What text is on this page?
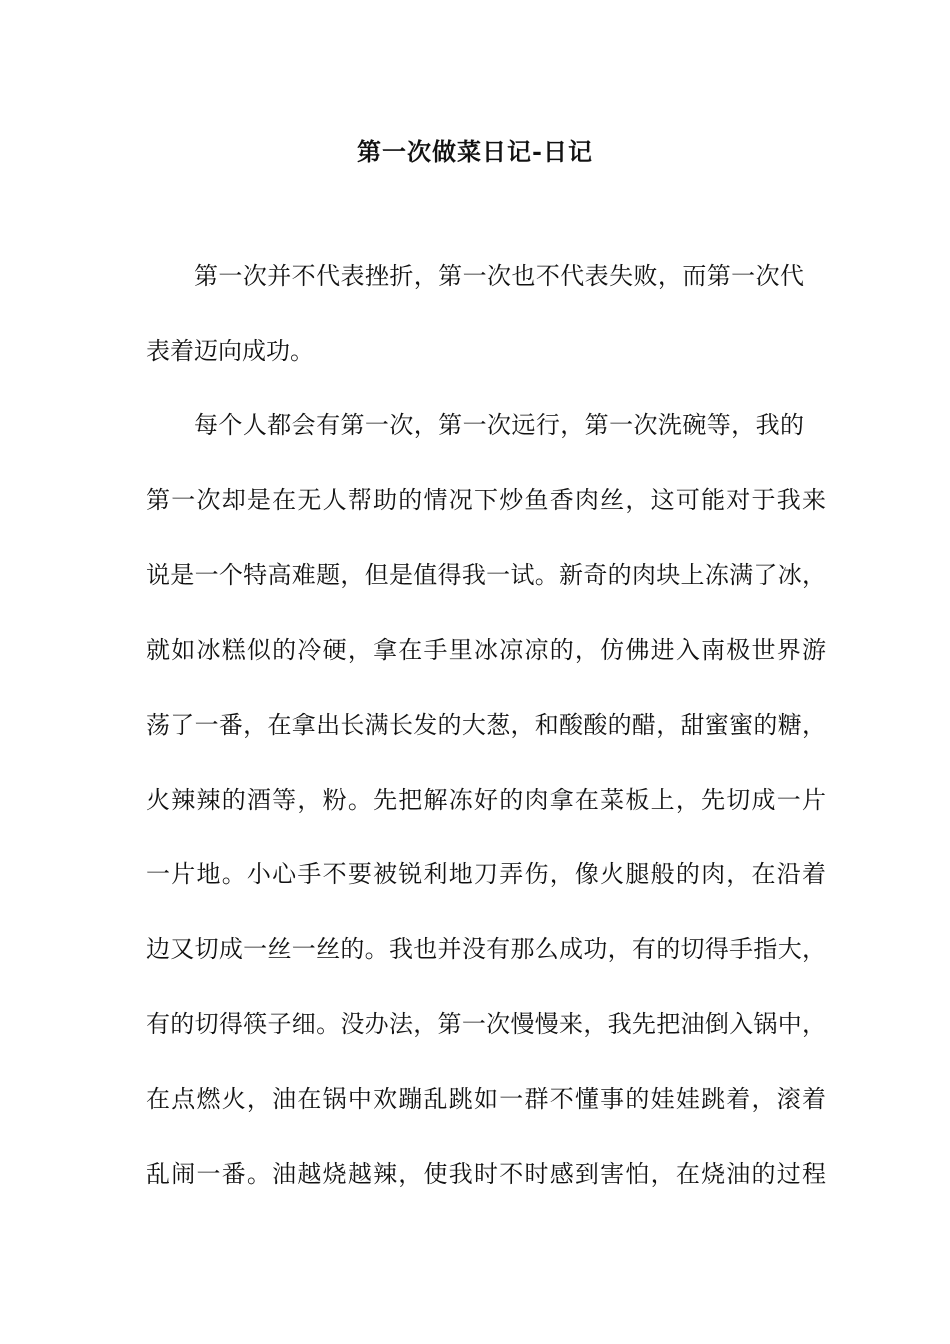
第一次做菜日记-日记
第一次并不代表挫折，第一次也不代表失败，而第一次代
表着迈向成功。
每个人都会有第一次，第一次远行，第一次洗碗等，我的
第一次却是在无人帮助的情况下炒鱼香肉丝，这可能对于我来
说是一个特高难题，但是值得我一试。新奇的肉块上冻满了冰，
就如冰糕似的冷硬，拿在手里冰凉凉的，仿佛进入南极世界游
荡了一番，在拿出长满长发的大葱，和酸酸的醋，甜蜜蜜的糖，
火辣辣的酒等，粉。先把解冻好的肉拿在菜板上，先切成一片
一片地。小心手不要被锐利地刀弄伤，像火腿般的肉，在沿着
边又切成一丝一丝的。我也并没有那么成功，有的切得手指大，
有的切得筷子细。没办法，第一次慢慢来，我先把油倒入锅中，
在点燃火，油在锅中欢蹦乱跳如一群不懂事的娃娃跳着，滚着
乱闹一番。油越烧越辣，使我时不时感到害怕，在烧油的过程
